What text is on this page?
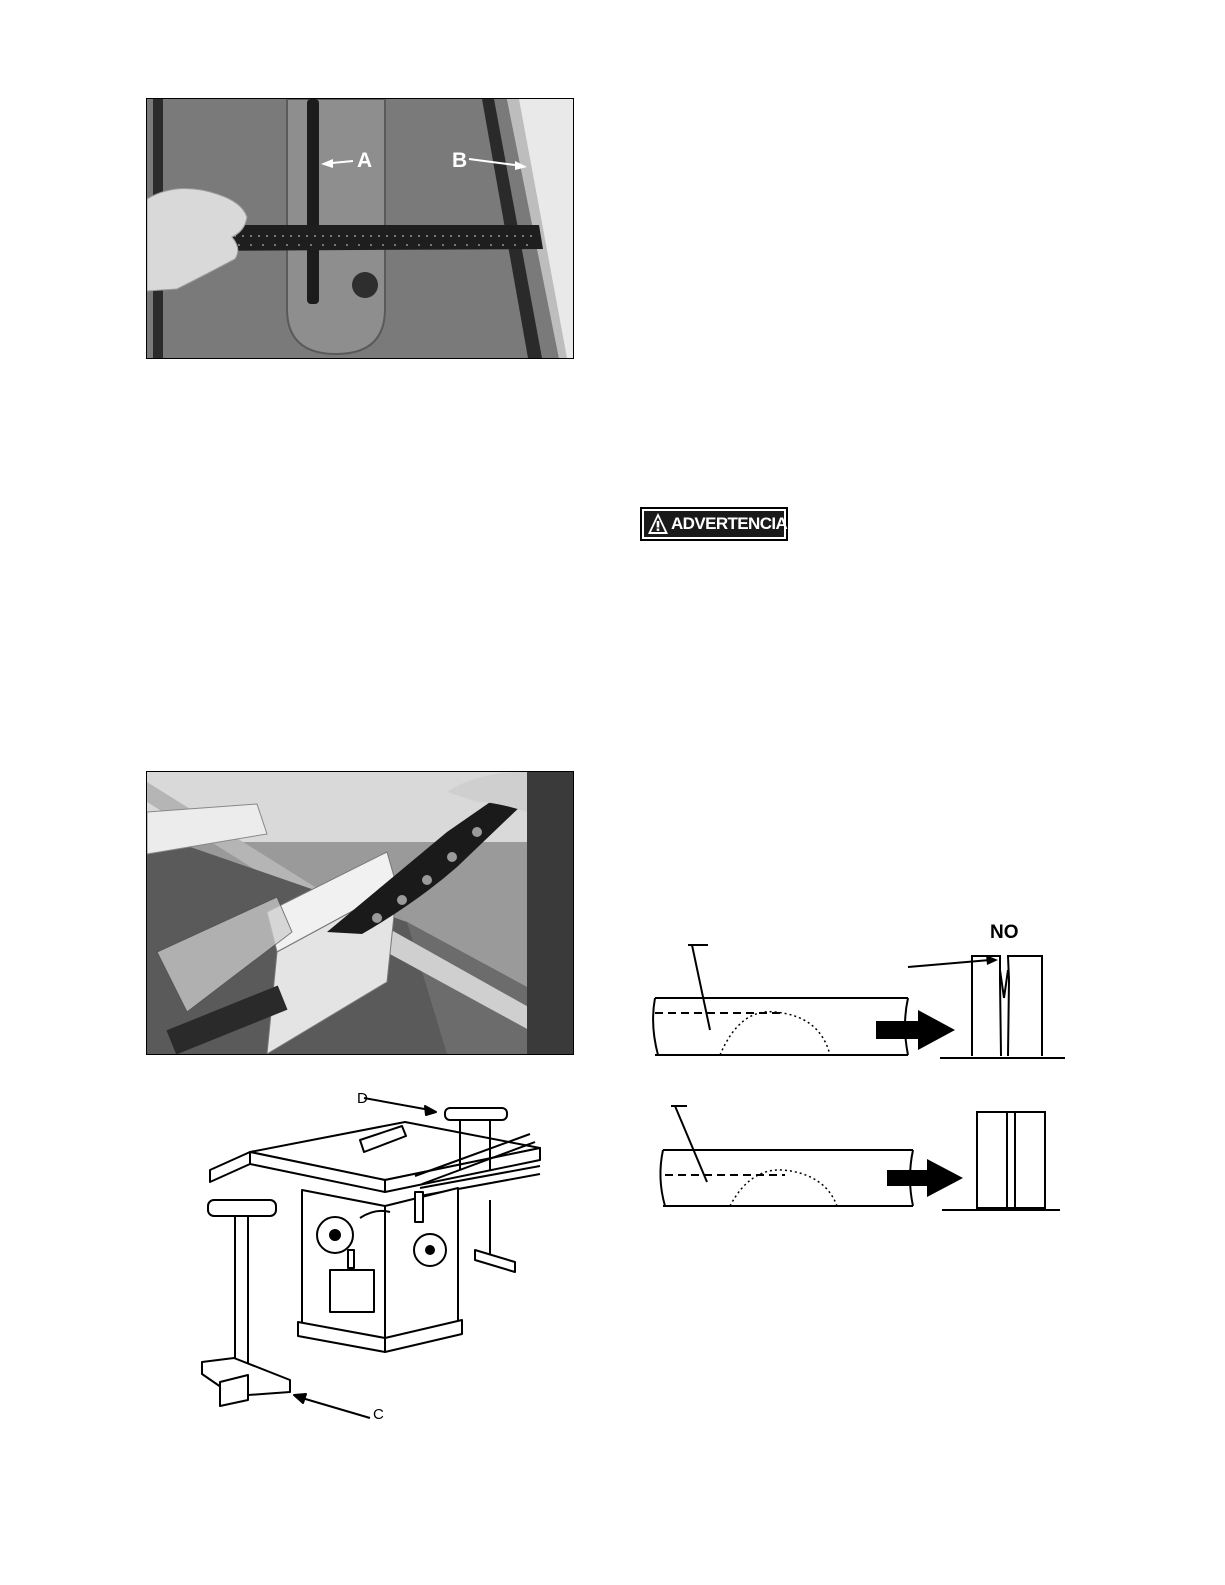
A	B
ADVERTENCIA
D
C
NO
